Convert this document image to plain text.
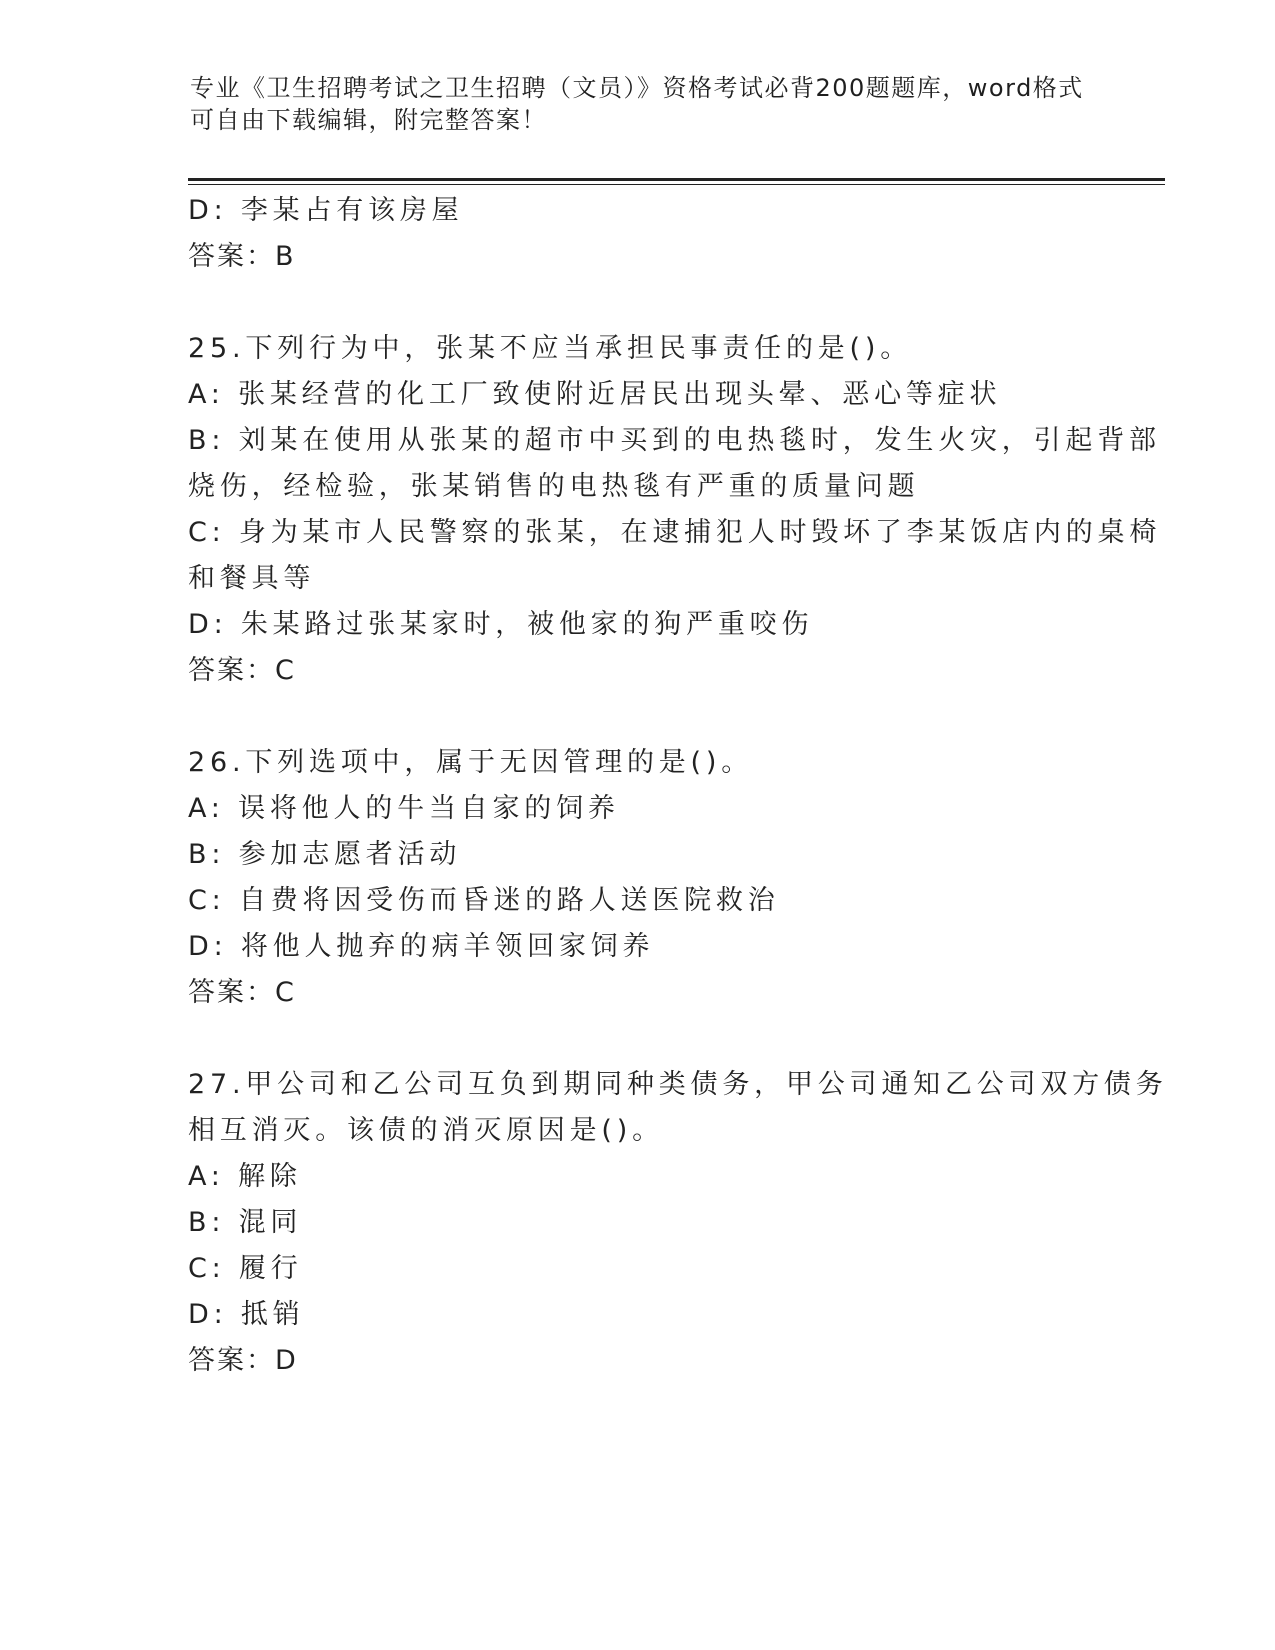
专业《卫生招聘考试之卫生招聘（文员）》资格考试必背200题题库，word格式
可自由下载编辑，附完整答案！
D: 李某占有该房屋
答案：B
25.下列行为中，张某不应当承担民事责任的是()。
A: 张某经营的化工厂致使附近居民出现头晕、恶心等症状
B: 刘某在使用从张某的超市中买到的电热毯时，发生火灾，引起背部
烧伤，经检验，张某销售的电热毯有严重的质量问题
C: 身为某市人民警察的张某，在逮捕犯人时毁坏了李某饭店内的桌椅
和餐具等
D: 朱某路过张某家时，被他家的狗严重咬伤
答案：C
26.下列选项中，属于无因管理的是()。
A: 误将他人的牛当自家的饲养
B: 参加志愿者活动
C: 自费将因受伤而昏迷的路人送医院救治
D: 将他人抛弃的病羊领回家饲养
答案：C
27.甲公司和乙公司互负到期同种类债务，甲公司通知乙公司双方债务
相互消灭。该债的消灭原因是()。
A: 解除
B: 混同
C: 履行
D: 抵销
答案：D
